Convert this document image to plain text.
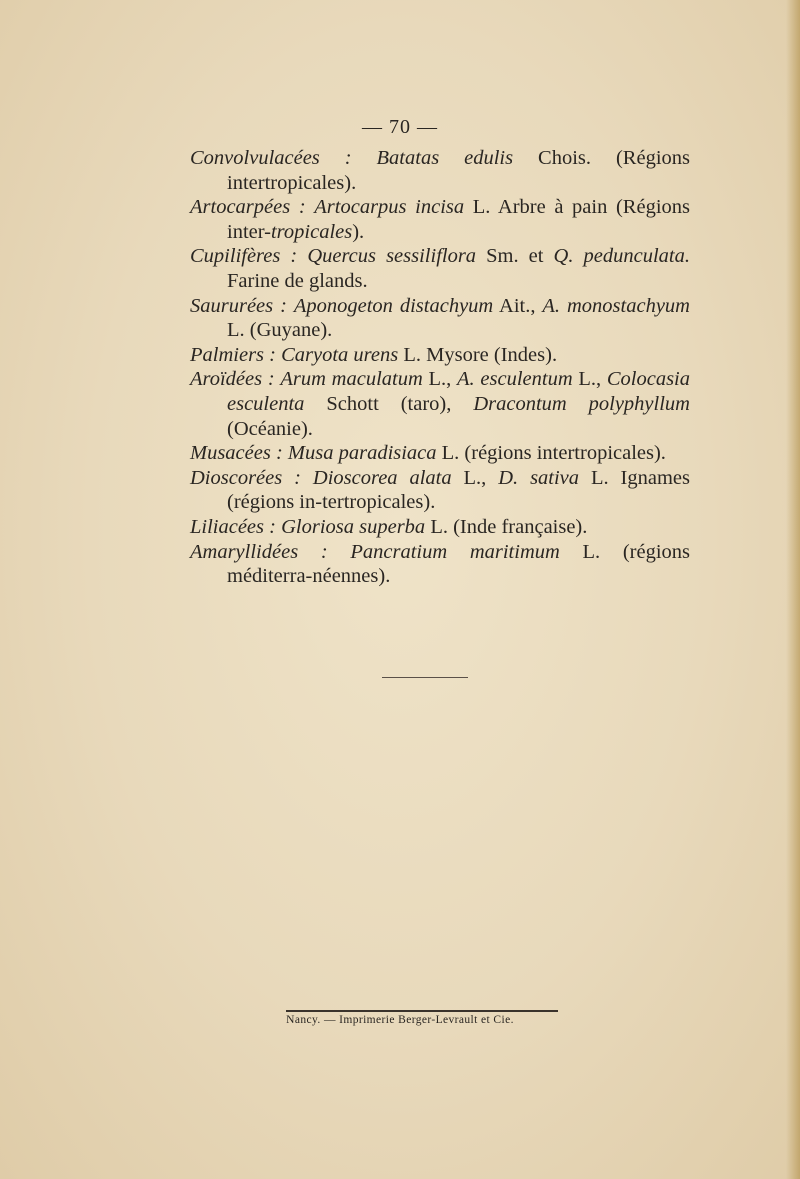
— 70 —
Convolvulacées : Batatas edulis Chois. (Régions intertropicales).
Artocarpées : Artocarpus incisa L. Arbre à pain (Régions inter-tropicales).
Cupilifères : Quercus sessiliflora Sm. et Q. pedunculata. Farine de glands.
Saururées : Aponogeton distachyum Ait., A. monostachyum L. (Guyane).
Palmiers : Caryota urens L. Mysore (Indes).
Aroïdées : Arum maculatum L., A. esculentum L., Colocasia esculenta Schott (taro), Dracontum polyphyllum (Océanie).
Musacées : Musa paradisiaca L. (régions intertropicales).
Dioscorées : Dioscorea alata L., D. sativa L. Ignames (régions in-tertropicales).
Liliacées : Gloriosa superba L. (Inde française).
Amaryllidées : Pancratium maritimum L. (régions méditerra-néennes).
Nancy. — Imprimerie Berger-Levrault et Cie.
